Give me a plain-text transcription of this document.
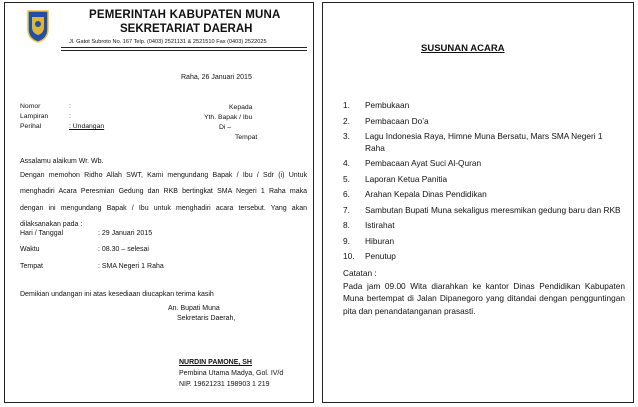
PEMERINTAH KABUPATEN MUNA
SEKRETARIAT DAERAH
Jl. Gatot Subroto No. 167 Telp. (0403) 2521131 & 2521510 Fax (0403) 2522025
Raha, 26 Januari 2015
Nomor	:
Lampiran	:
Perihal	: Undangan
Kepada
Yth. Bapak / Ibu
Di –
Tempat
Assalamu alaikum Wr. Wb.
Dengan memohon Ridho Allah SWT, Kami mengundang Bapak / Ibu / Sdr (i) Untuk menghadiri Acara Peresmian Gedung dan RKB bertingkat SMA Negeri 1 Raha maka dengan ini mengundang Bapak / Ibu untuk menghadiri acara tersebut. Yang akan dilaksanakan pada :
Hari / Tanggal	: 29 Januari 2015
Waktu	: 08.30 – selesai
Tempat	: SMA Negeri 1 Raha
Demikian undangan ini atas kesediaan diucapkan terima kasih
An. Bupati Muna
Sekretaris Daerah,
NURDIN PAMONE, SH
Pembina Utama Madya, Gol. IV/d
NIP. 19621231 198903 1 219
SUSUNAN ACARA
1. Pembukaan
2. Pembacaan Do’a
3. Lagu Indonesia Raya, Himne Muna Bersatu, Mars SMA Negeri 1 Raha
4. Pembacaan Ayat Suci Al-Quran
5. Laporan Ketua Panitia
6. Arahan Kepala Dinas Pendidikan
7. Sambutan Bupati Muna sekaligus meresmikan gedung baru dan RKB
8. Istirahat
9. Hiburan
10. Penutup
Catatan :
Pada jam 09.00 Wita diarahkan ke kantor Dinas Pendidikan Kabupaten Muna bertempat di Jalan Dipanegoro yang ditandai dengan pengguntingan pita dan penandatanganan prasasti.
